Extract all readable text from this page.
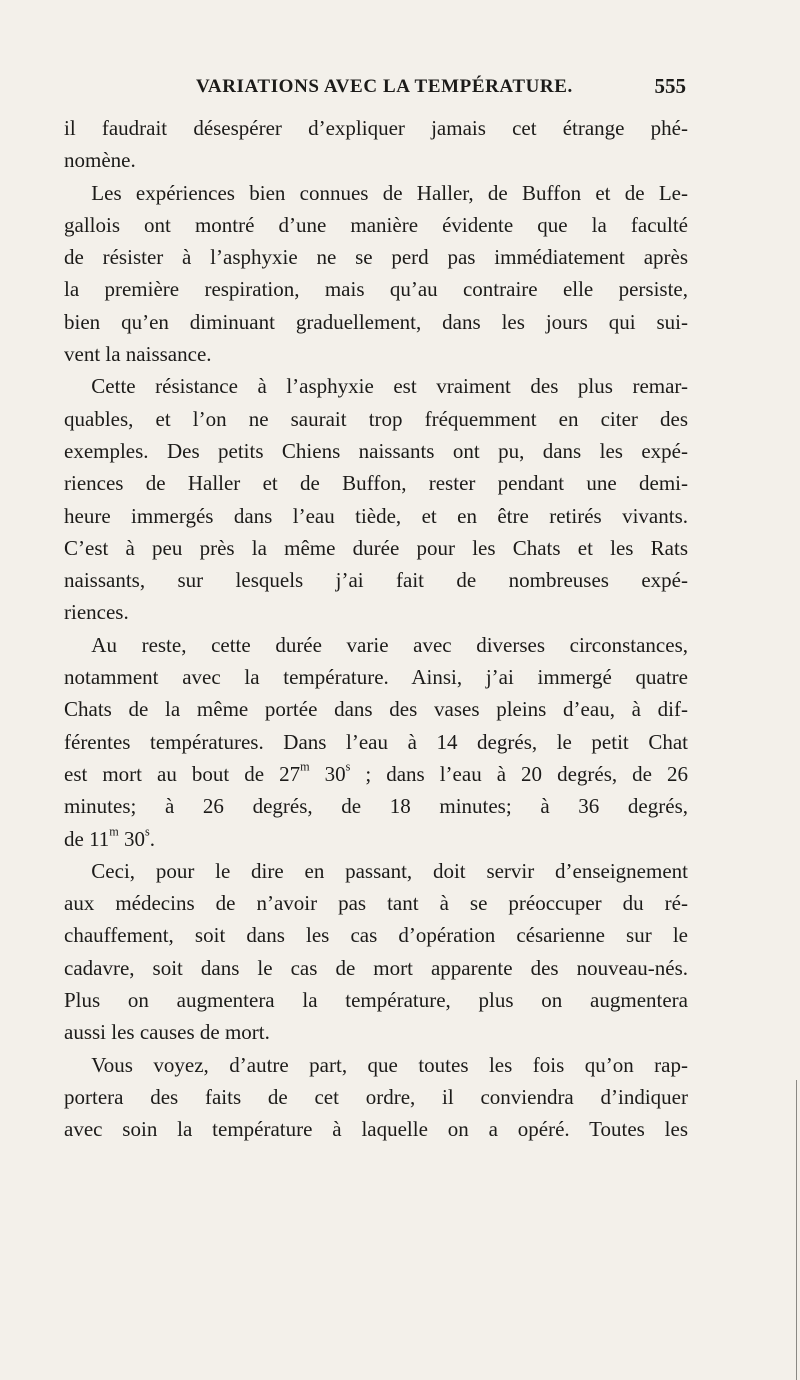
VARIATIONS AVEC LA TEMPÉRATURE.	555

il faudrait désespérer d’expliquer jamais cet étrange phé-
nomène.

Les expériences bien connues de Haller, de Buffon et de Le-
gallois ont montré d’une manière évidente que la faculté
de résister à l’asphyxie ne se perd pas immédiatement après
la première respiration, mais qu’au contraire elle persiste,
bien qu’en diminuant graduellement, dans les jours qui sui-
vent la naissance.

Cette résistance à l’asphyxie est vraiment des plus remar-
quables, et l’on ne saurait trop fréquemment en citer des
exemples. Des petits Chiens naissants ont pu, dans les expé-
riences de Haller et de Buffon, rester pendant une demi-
heure immergés dans l’eau tiède, et en être retirés vivants.
C’est à peu près la même durée pour les Chats et les Rats
naissants, sur lesquels j’ai fait de nombreuses expé-
riences.

Au reste, cette durée varie avec diverses circonstances,
notamment avec la température. Ainsi, j’ai immergé quatre
Chats de la même portée dans des vases pleins d’eau, à dif-
férentes températures. Dans l’eau à 14 degrés, le petit Chat
est mort au bout de 27$^m$ 30$^s$ ; dans l’eau à 20 degrés, de 26
minutes; à 26 degrés, de 18 minutes; à 36 degrés,
de 11$^m$ 30$^s$.

Ceci, pour le dire en passant, doit servir d’enseignement
aux médecins de n’avoir pas tant à se préoccuper du ré-
chauffement, soit dans les cas d’opération césarienne sur le
cadavre, soit dans le cas de mort apparente des nouveau-nés.
Plus on augmentera la température, plus on augmentera
aussi les causes de mort.

Vous voyez, d’autre part, que toutes les fois qu’on rap-
portera des faits de cet ordre, il conviendra d’indiquer
avec soin la température à laquelle on a opéré. Toutes les
